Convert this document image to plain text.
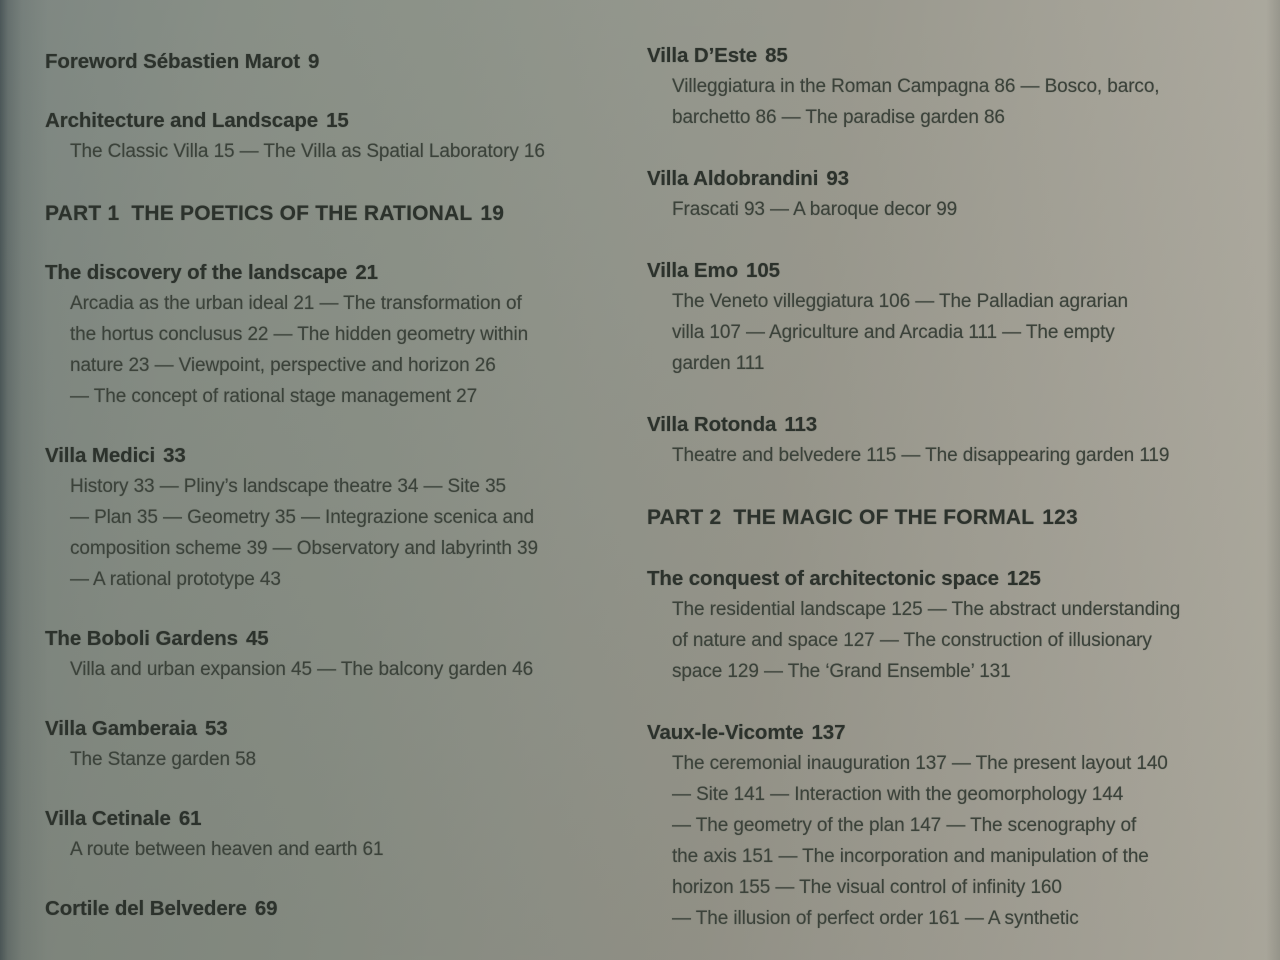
Foreword Sébastien Marot 9
Architecture and Landscape 15
The Classic Villa 15 — The Villa as Spatial Laboratory 16
PART 1  THE POETICS OF THE RATIONAL 19
The discovery of the landscape 21
Arcadia as the urban ideal 21 — The transformation of
the hortus conclusus 22 — The hidden geometry within
nature 23 — Viewpoint, perspective and horizon 26
— The concept of rational stage management 27
Villa Medici 33
History 33 — Pliny’s landscape theatre 34 — Site 35
— Plan 35 — Geometry 35 — Integrazione scenica and
composition scheme 39 — Observatory and labyrinth 39
— A rational prototype 43
The Boboli Gardens 45
Villa and urban expansion 45 — The balcony garden 46
Villa Gamberaia 53
The Stanze garden 58
Villa Cetinale 61
A route between heaven and earth 61
Cortile del Belvedere 69
Villa D’Este 85
Villeggiatura in the Roman Campagna 86 — Bosco, barco,
barchetto 86 — The paradise garden 86
Villa Aldobrandini 93
Frascati 93 — A baroque decor 99
Villa Emo 105
The Veneto villeggiatura 106 — The Palladian agrarian
villa 107 — Agriculture and Arcadia 111 — The empty
garden 111
Villa Rotonda 113
Theatre and belvedere 115 — The disappearing garden 119
PART 2  THE MAGIC OF THE FORMAL 123
The conquest of architectonic space 125
The residential landscape 125 — The abstract understanding
of nature and space 127 — The construction of illusionary
space 129 — The ‘Grand Ensemble’ 131
Vaux-le-Vicomte 137
The ceremonial inauguration 137 — The present layout 140
— Site 141 — Interaction with the geomorphology 144
— The geometry of the plan 147 — The scenography of
the axis 151 — The incorporation and manipulation of the
horizon 155 — The visual control of infinity 160
— The illusion of perfect order 161 — A synthetic
